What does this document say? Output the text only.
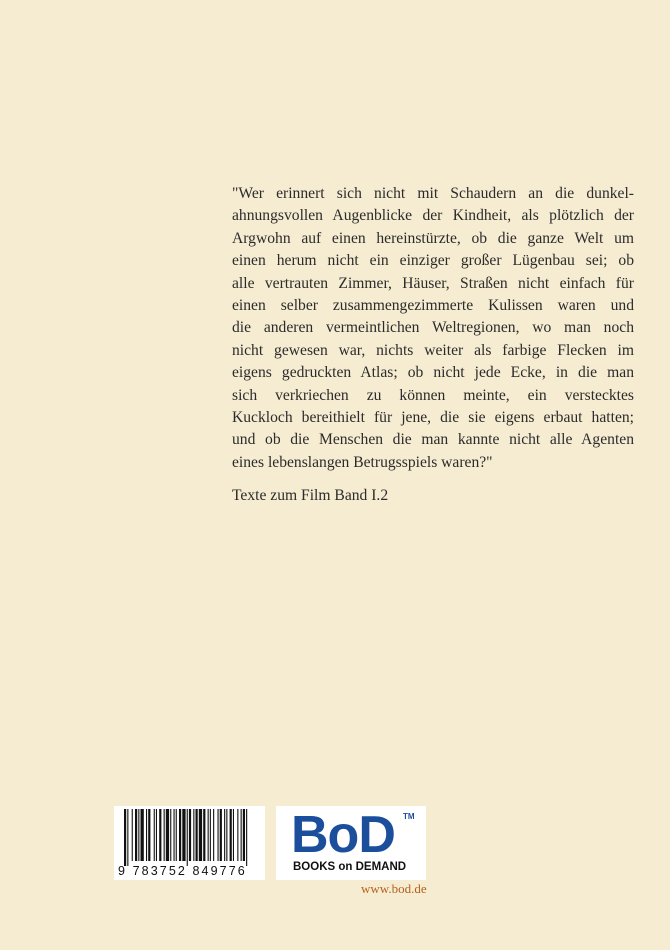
"Wer erinnert sich nicht mit Schaudern an die dunkel-
ahnungsvollen Augenblicke der Kindheit, als plötzlich der
Argwohn auf einen hereinstürzte, ob die ganze Welt um
einen herum nicht ein einziger großer Lügenbau sei; ob
alle vertrauten Zimmer, Häuser, Straßen nicht einfach für
einen selber zusammengezimmerte Kulissen waren und
die anderen vermeintlichen Weltregionen, wo man noch
nicht gewesen war, nichts weiter als farbige Flecken im
eigens gedruckten Atlas; ob nicht jede Ecke, in die man
sich verkriechen zu können meinte, ein verstecktes
Kuckloch bereithielt für jene, die sie eigens erbaut hatten;
und ob die Menschen die man kannte nicht alle Agenten
eines lebenslangen Betrugsspiels waren?"
Texte zum Film Band I.2
9 783752 849776
BoD TM
BOOKS on DEMAND
www.bod.de
